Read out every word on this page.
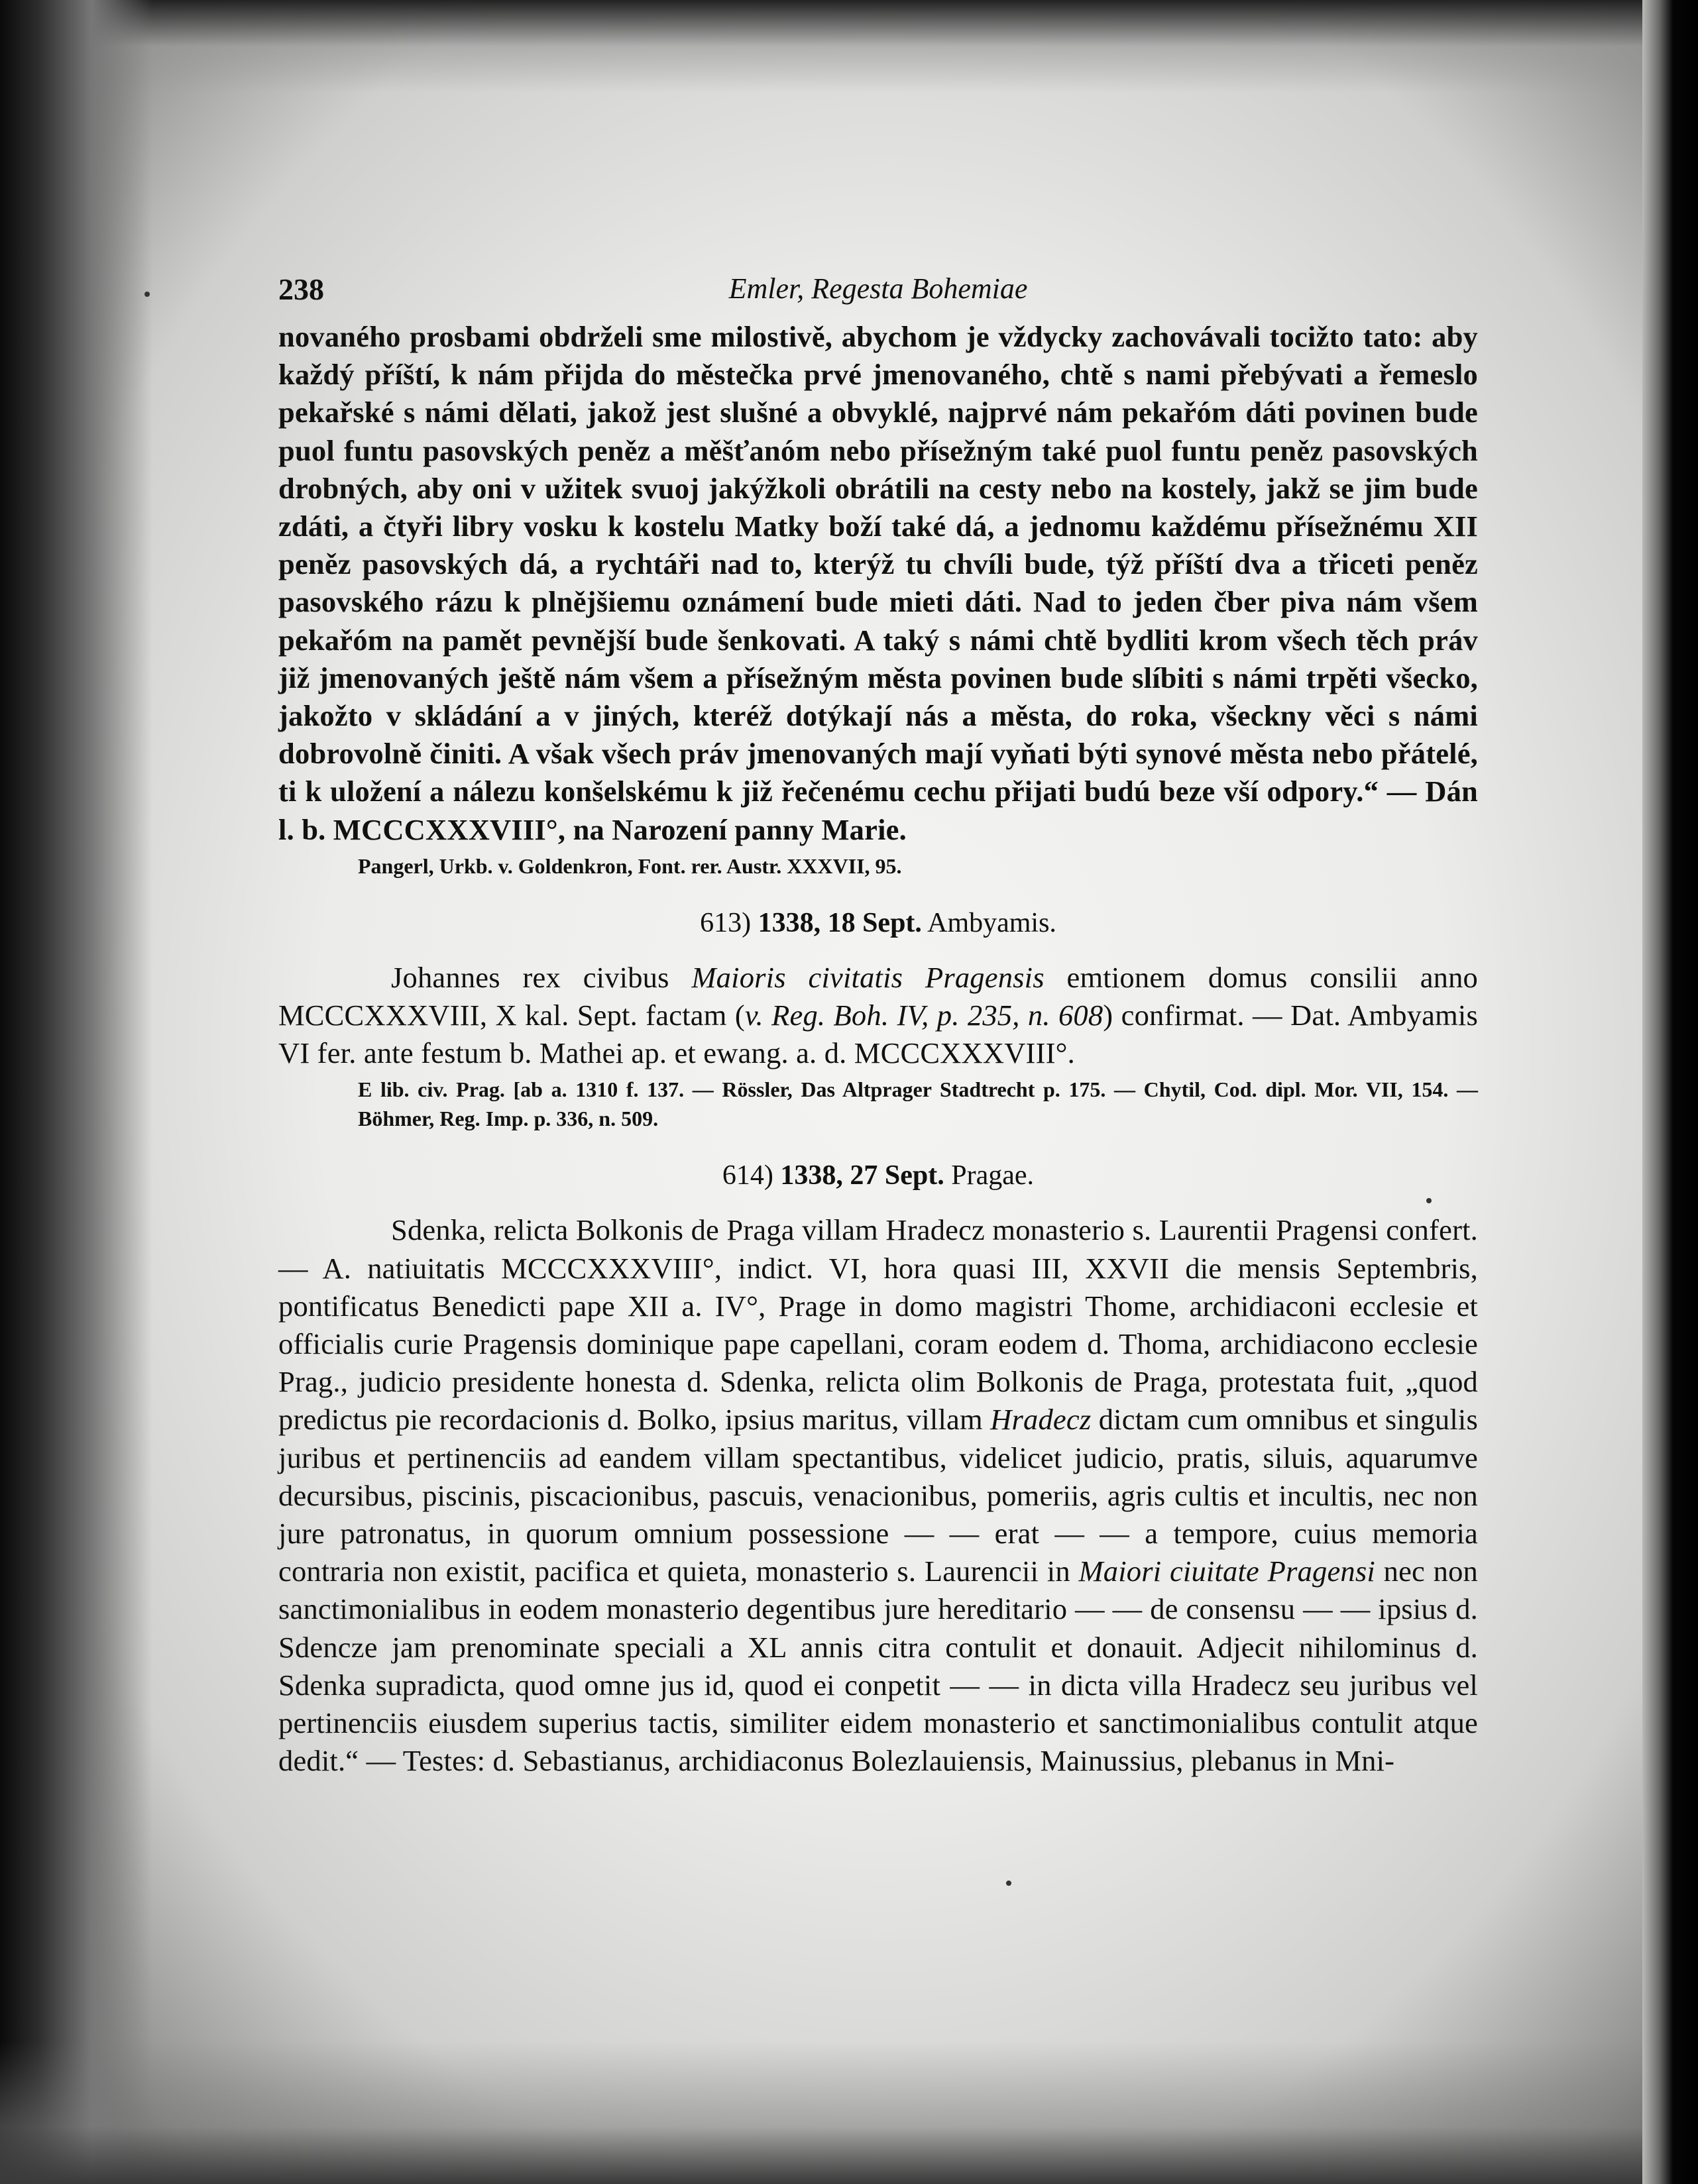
238	Emler, Regesta Bohemiae

novaného prosbami obdrželi sme milostivě, abychom je vždycky zachovávali tocižto tato: aby každý příští, k nám přijda do městečka prvé jmenovaného, chtě s nami přebývati a řemeslo pekařské s námi dělati, jakož jest slušné a obvyklé, najprvé nám pekařóm dáti povinen bude puol funtu pasovských peněz a měšťanóm nebo přísežným také puol funtu peněz pasovských drobných, aby oni v užitek svuoj jakýžkoli obrátili na cesty nebo na kostely, jakž se jim bude zdáti, a čtyři libry vosku k kostelu Matky boží také dá, a jednomu každému přísežnému XII peněz pasovských dá, a rychtáři nad to, kterýž tu chvíli bude, týž příští dva a třiceti peněz pasovského rázu k plnějšiemu oznámení bude mieti dáti. Nad to jeden čber piva nám všem pekařóm na pamět pevnější bude šenkovati. A taký s námi chtě bydliti krom všech těch práv již jmenovaných ještě nám všem a přísežným města povinen bude slíbiti s námi trpěti všecko, jakožto v skládání a v jiných, kteréž dotýkají nás a města, do roka, všeckny věci s námi dobrovolně činiti. A však všech práv jmenovaných mají vyňati býti synové města nebo přátelé, ti k uložení a nálezu konšelskému k již řečenému cechu přijati budú beze vší odpory.“ — Dán l. b. MCCCXXXVIII°, na Narození panny Marie.

Pangerl, Urkb. v. Goldenkron, Font. rer. Austr. XXXVII, 95.

613) 1338, 18 Sept. Ambyamis.

Johannes rex civibus Maioris civitatis Pragensis emtionem domus consilii anno MCCCXXXVIII, X kal. Sept. factam (v. Reg. Boh. IV, p. 235, n. 608) confirmat. — Dat. Ambyamis VI fer. ante festum b. Mathei ap. et ewang. a. d. MCCCXXXVIII°.

E lib. civ. Prag. [ab a. 1310 f. 137. — Rössler, Das Altprager Stadtrecht p. 175. — Chytil, Cod. dipl. Mor. VII, 154. — Böhmer, Reg. Imp. p. 336, n. 509.

614) 1338, 27 Sept. Pragae.

Sdenka, relicta Bolkonis de Praga villam Hradecz monasterio s. Laurentii Pragensi confert. — A. natiuitatis MCCCXXXVIII°, indict. VI, hora quasi III, XXVII die mensis Septembris, pontificatus Benedicti pape XII a. IV°, Prage in domo magistri Thome, archidiaconi ecclesie et officialis curie Pragensis dominique pape capellani, coram eodem d. Thoma, archidiacono ecclesie Prag., judicio presidente honesta d. Sdenka, relicta olim Bolkonis de Praga, protestata fuit, „quod predictus pie recordacionis d. Bolko, ipsius maritus, villam Hradecz dictam cum omnibus et singulis juribus et pertinenciis ad eandem villam spectantibus, videlicet judicio, pratis, siluis, aquarumve decursibus, piscinis, piscacionibus, pascuis, venacionibus, pomeriis, agris cultis et incultis, nec non jure patronatus, in quorum omnium possessione — — erat — — a tempore, cuius memoria contraria non existit, pacifica et quieta, monasterio s. Laurencii in Maiori ciuitate Pragensi nec non sanctimonialibus in eodem monasterio degentibus jure hereditario — — de consensu — — ipsius d. Sdencze jam prenominate speciali a XL annis citra contulit et donauit. Adjecit nihilominus d. Sdenka supradicta, quod omne jus id, quod ei conpetit — — in dicta villa Hradecz seu juribus vel pertinenciis eiusdem superius tactis, similiter eidem monasterio et sanctimonialibus contulit atque dedit.“ — Testes: d. Sebastianus, archidiaconus Bolezlauiensis, Mainussius, plebanus in Mni-
